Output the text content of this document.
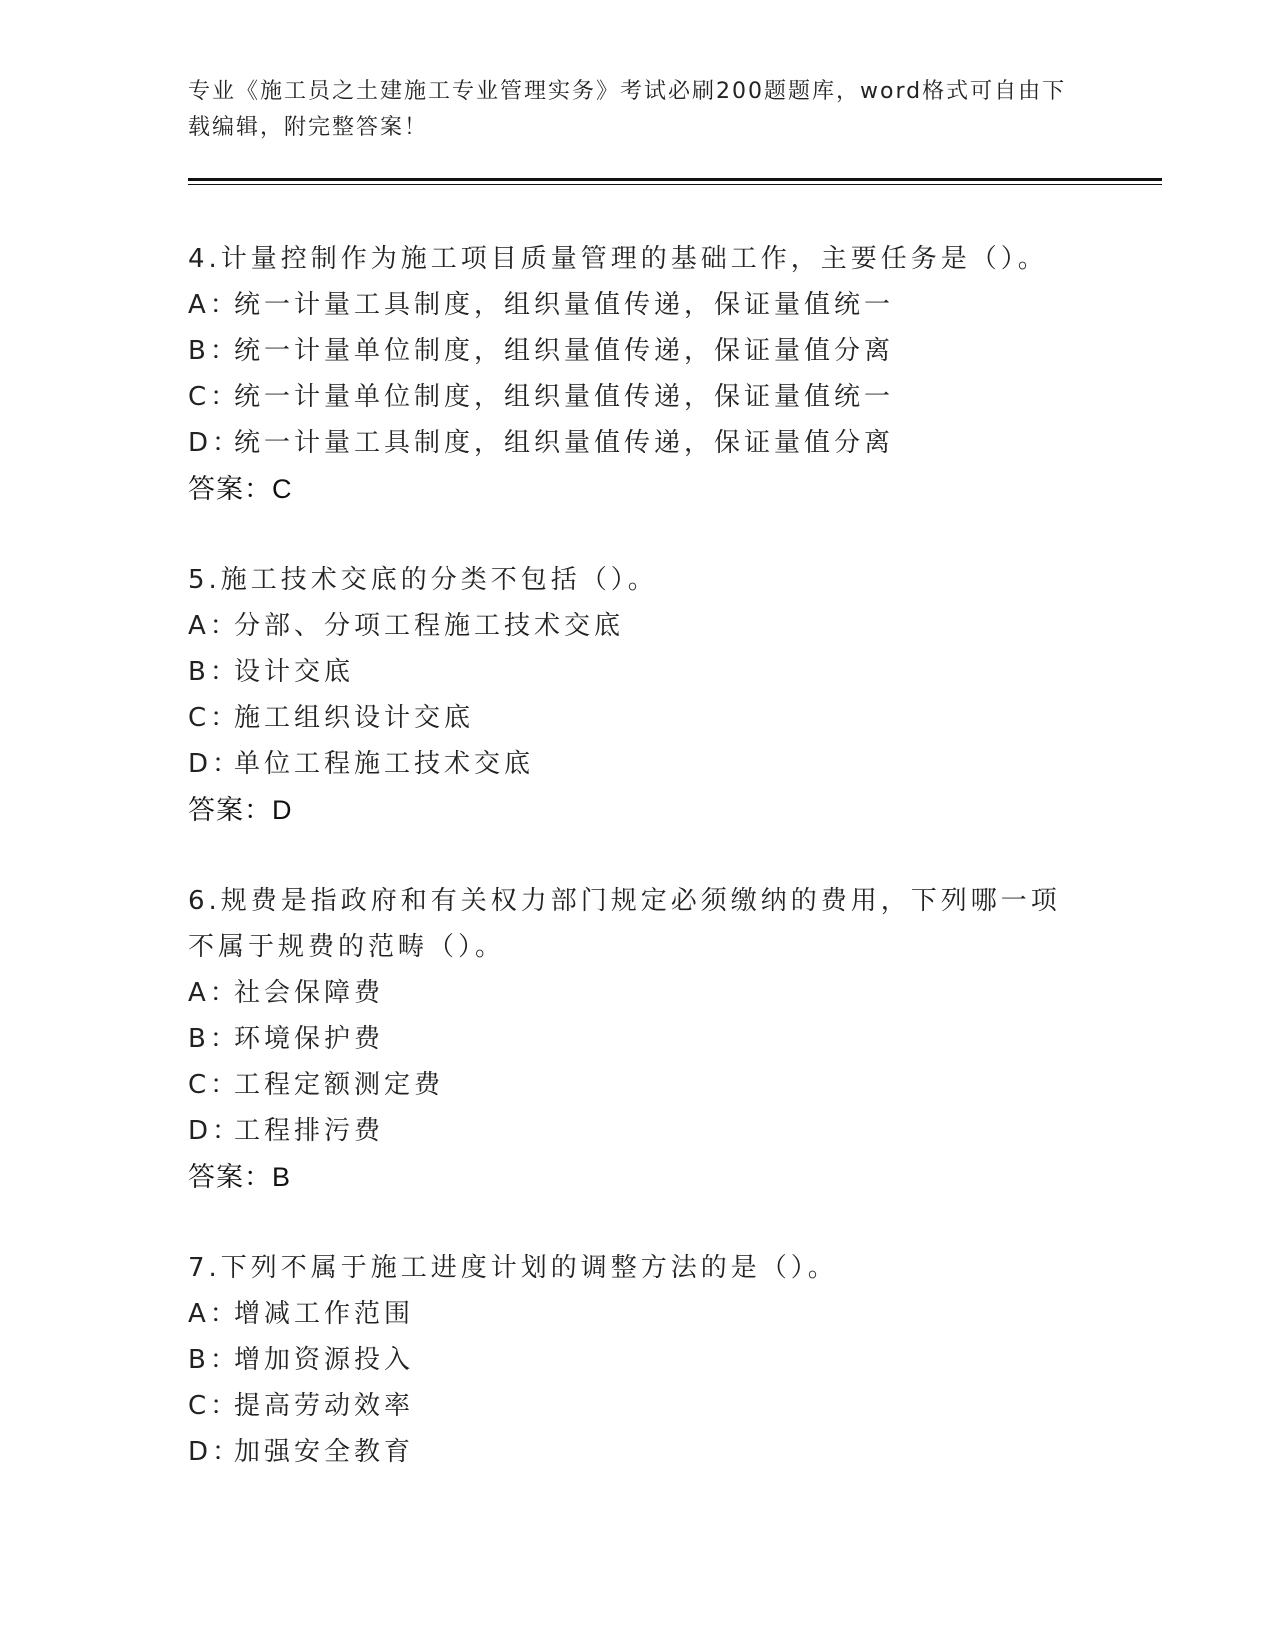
专业《施工员之土建施工专业管理实务》考试必刷200题题库，word格式可自由下载编辑，附完整答案！
4.计量控制作为施工项目质量管理的基础工作，主要任务是（）。
A：统一计量工具制度，组织量值传递，保证量值统一
B：统一计量单位制度，组织量值传递，保证量值分离
C：统一计量单位制度，组织量值传递，保证量值统一
D：统一计量工具制度，组织量值传递，保证量值分离
答案：C
5.施工技术交底的分类不包括（）。
A：分部、分项工程施工技术交底
B：设计交底
C：施工组织设计交底
D：单位工程施工技术交底
答案：D
6.规费是指政府和有关权力部门规定必须缴纳的费用，下列哪一项不属于规费的范畴（）。
A：社会保障费
B：环境保护费
C：工程定额测定费
D：工程排污费
答案：B
7.下列不属于施工进度计划的调整方法的是（）。
A：增减工作范围
B：增加资源投入
C：提高劳动效率
D：加强安全教育
